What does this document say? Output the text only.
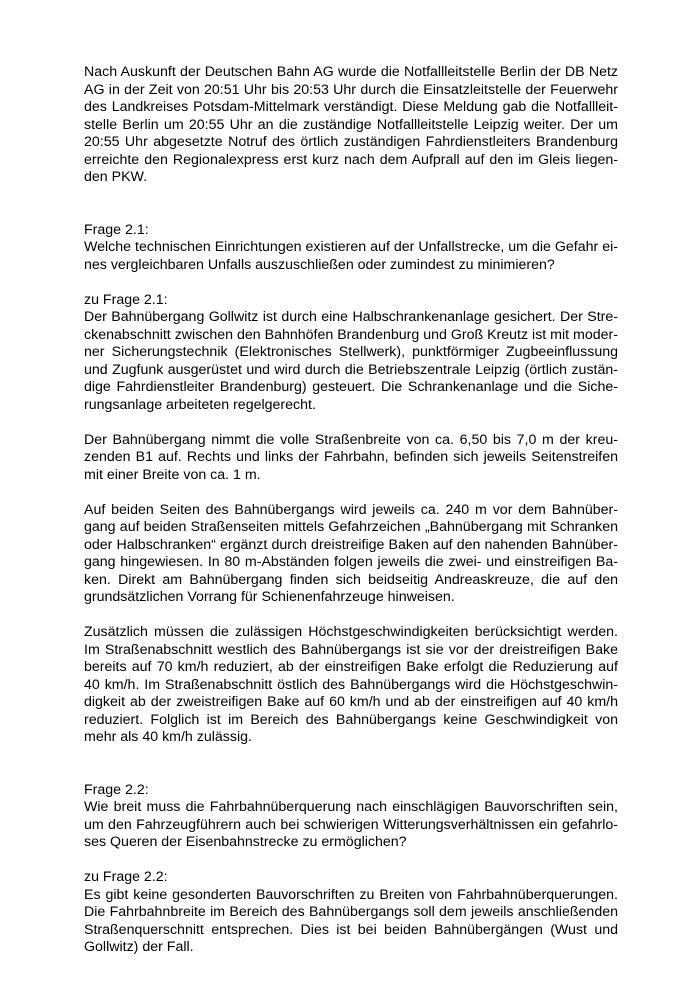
Nach Auskunft der Deutschen Bahn AG wurde die Notfallleitstelle Berlin der DB Netz AG in der Zeit von 20:51 Uhr bis 20:53 Uhr durch die Einsatzleitstelle der Feuerwehr des Landkreises Potsdam-Mittelmark verständigt. Diese Meldung gab die Notfallleitstelle Berlin um 20:55 Uhr an die zuständige Notfallleitstelle Leipzig weiter. Der um 20:55 Uhr abgesetzte Notruf des örtlich zuständigen Fahrdienstleiters Brandenburg erreichte den Regionalexpress erst kurz nach dem Aufprall auf den im Gleis liegenden PKW.

Frage 2.1:

Welche technischen Einrichtungen existieren auf der Unfallstrecke, um die Gefahr eines vergleichbaren Unfalls auszuschließen oder zumindest zu minimieren?

zu Frage 2.1:

Der Bahnübergang Gollwitz ist durch eine Halbschrankenanlage gesichert. Der Streckenabschnitt zwischen den Bahnhöfen Brandenburg und Groß Kreutz ist mit moderner Sicherungstechnik (Elektronisches Stellwerk), punktförmiger Zugbeeinflussung und Zugfunk ausgerüstet und wird durch die Betriebszentrale Leipzig (örtlich zuständige Fahrdienstleiter Brandenburg) gesteuert. Die Schrankenanlage und die Sicherungsanlage arbeiteten regelgerecht.

Der Bahnübergang nimmt die volle Straßenbreite von ca. 6,50 bis 7,0 m der kreuzenden B1 auf. Rechts und links der Fahrbahn, befinden sich jeweils Seitenstreifen mit einer Breite von ca. 1 m.

Auf beiden Seiten des Bahnübergangs wird jeweils ca. 240 m vor dem Bahnübergang auf beiden Straßenseiten mittels Gefahrzeichen „Bahnübergang mit Schranken oder Halbschranken“ ergänzt durch dreistreifige Baken auf den nahenden Bahnübergang hingewiesen. In 80 m-Abständen folgen jeweils die zwei- und einstreifigen Baken. Direkt am Bahnübergang finden sich beidseitig Andreaskreuze, die auf den grundsätzlichen Vorrang für Schienenfahrzeuge hinweisen.

Zusätzlich müssen die zulässigen Höchstgeschwindigkeiten berücksichtigt werden. Im Straßenabschnitt westlich des Bahnübergangs ist sie vor der dreistreifigen Bake bereits auf 70 km/h reduziert, ab der einstreifigen Bake erfolgt die Reduzierung auf 40 km/h. Im Straßenabschnitt östlich des Bahnübergangs wird die Höchstgeschwindigkeit ab der zweistreifigen Bake auf 60 km/h und ab der einstreifigen auf 40 km/h reduziert. Folglich ist im Bereich des Bahnübergangs keine Geschwindigkeit von mehr als 40 km/h zulässig.

Frage 2.2:

Wie breit muss die Fahrbahnüberquerung nach einschlägigen Bauvorschriften sein, um den Fahrzeugführern auch bei schwierigen Witterungsverhältnissen ein gefahrloses Queren der Eisenbahnstrecke zu ermöglichen?

zu Frage 2.2:

Es gibt keine gesonderten Bauvorschriften zu Breiten von Fahrbahnüberquerungen. Die Fahrbahnbreite im Bereich des Bahnübergangs soll dem jeweils anschließenden Straßenquerschnitt entsprechen. Dies ist bei beiden Bahnübergängen (Wust und Gollwitz) der Fall.
